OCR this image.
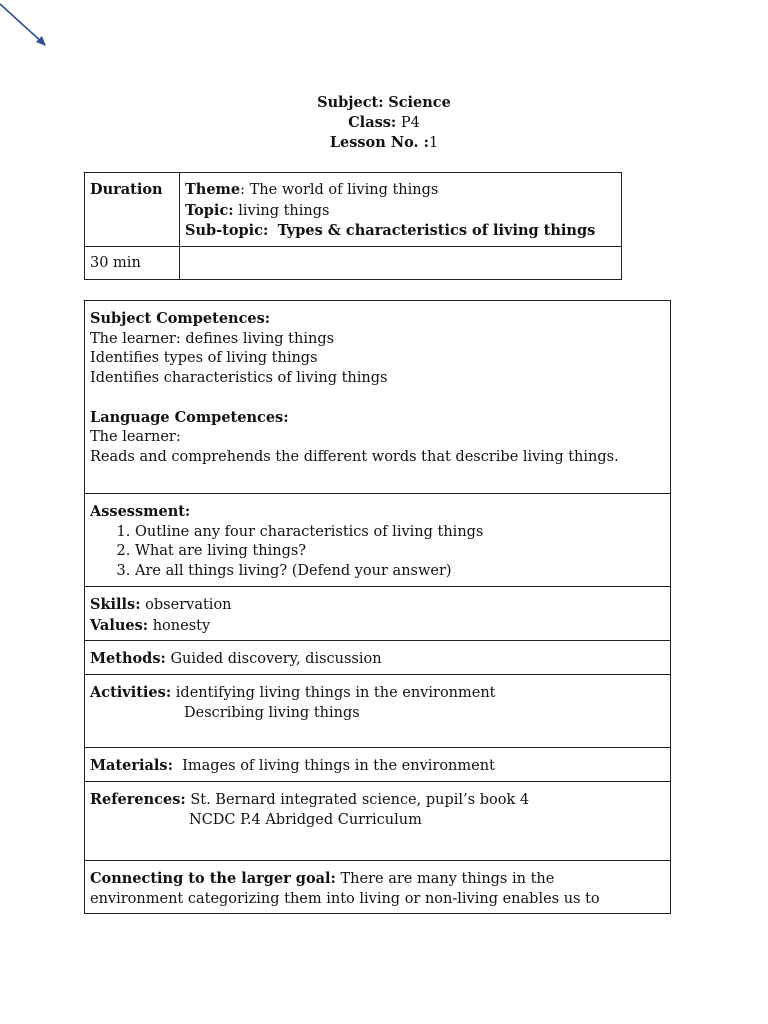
Subject: Science
Class: P4
Lesson No. :1
Duration	Theme: The world of living things
Topic: living things
Sub-topic: Types & characteristics of living things

30 min	
Subject Competences:
The learner: defines living things
Identifies types of living things
Identifies characteristics of living things
Language Competences:
The learner:
Reads and comprehends the different words that describe living things.

Assessment:
1. Outline any four characteristics of living things
2. What are living things?
3. Are all things living? (Defend your answer)

Skills: observation
Values: honesty

Methods: Guided discovery, discussion

Activities: identifying living things in the environment
Describing living things

Materials: Images of living things in the environment

References: St. Bernard integrated science, pupil’s book 4
NCDC P.4 Abridged Curriculum

Connecting to the larger goal: There are many things in the
environment categorizing them into living or non-living enables us to
